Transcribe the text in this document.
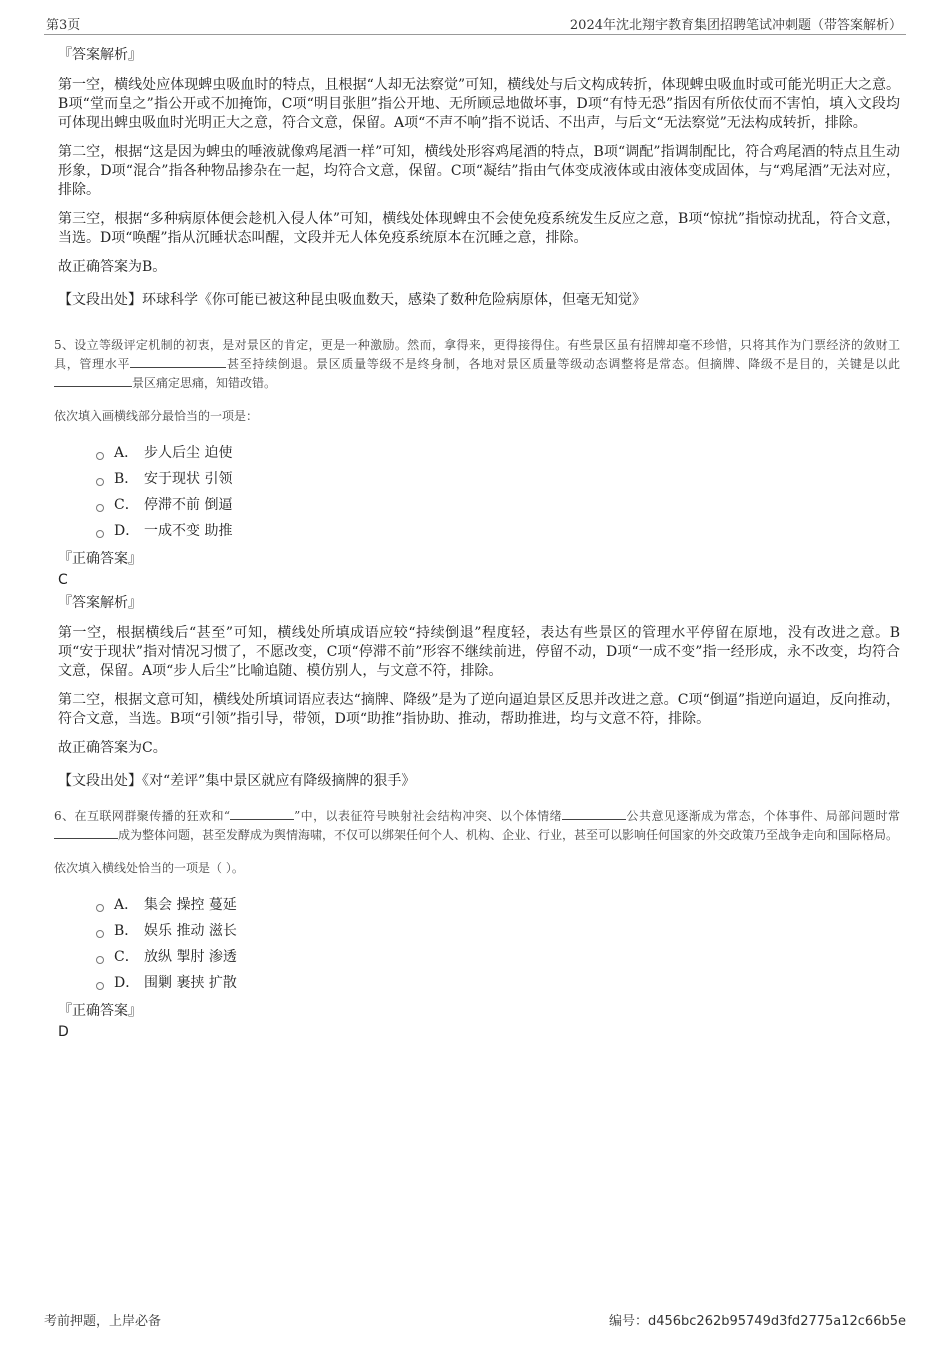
第3页	2024年沈北翔宇教育集团招聘笔试冲刺题（带答案解析）

『答案解析』

第一空，横线处应体现蜱虫吸血时的特点，且根据“人却无法察觉”可知，横线处与后文构成转折，体现蜱虫吸血时或可能光明正大之意。B项“堂而皇之”指公开或不加掩饰，C项“明目张胆”指公开地、无所顾忌地做坏事，D项“有恃无恐”指因有所依仗而不害怕，填入文段均可体现出蜱虫吸血时光明正大之意，符合文意，保留。A项“不声不响”指不说话、不出声，与后文“无法察觉”无法构成转折，排除。

第二空，根据“这是因为蜱虫的唾液就像鸡尾酒一样”可知，横线处形容鸡尾酒的特点，B项“调配”指调制配比，符合鸡尾酒的特点且生动形象，D项“混合”指各种物品掺杂在一起，均符合文意，保留。C项“凝结”指由气体变成液体或由液体变成固体，与“鸡尾酒”无法对应，排除。

第三空，根据“多种病原体便会趁机入侵人体”可知，横线处体现蜱虫不会使免疫系统发生反应之意，B项“惊扰”指惊动扰乱，符合文意，当选。D项“唤醒”指从沉睡状态叫醒，文段并无人体免疫系统原本在沉睡之意，排除。

故正确答案为B。

【文段出处】环球科学《你可能已被这种昆虫吸血数天，感染了数种危险病原体，但毫无知觉》

5、设立等级评定机制的初衷，是对景区的肯定，更是一种激励。然而，拿得来，更得接得住。有些景区虽有招牌却毫不珍惜，只将其作为门票经济的敛财工具，管理水平	甚至持续倒退。景区质量等级不是终身制，各地对景区质量等级动态调整将是常态。但摘牌、降级不是目的，关键是以此景区痛定思痛，知错改错。

依次填入画横线部分最恰当的一项是：

A． 步人后尘 迫使
B． 安于现状 引领
C． 停滞不前 倒逼
D． 一成不变 助推

『正确答案』

C

『答案解析』

第一空，根据横线后“甚至”可知，横线处所填成语应较“持续倒退”程度轻，表达有些景区的管理水平停留在原地，没有改进之意。B项“安于现状”指对情况习惯了，不愿改变，C项“停滞不前”形容不继续前进，停留不动，D项“一成不变”指一经形成，永不改变，均符合文意，保留。A项“步人后尘”比喻追随、模仿别人，与文意不符，排除。

第二空，根据文意可知，横线处所填词语应表达“摘牌、降级”是为了逆向逼迫景区反思并改进之意。C项“倒逼”指逆向逼迫，反向推动，符合文意，当选。B项“引领”指引导，带领，D项“助推”指协助、推动，帮助推进，均与文意不符，排除。

故正确答案为C。

【文段出处】《对“差评”集中景区就应有降级摘牌的狠手》

6、在互联网群聚传播的狂欢和“	”中，以表征符号映射社会结构冲突、以个体情绪	公共意见逐渐成为常态，个体事件、局部问题时常成为整体问题，甚至发酵成为舆情海啸，不仅可以绑架任何个人、机构、企业、行业，甚至可以影响任何国家的外交政策乃至战争走向和国际格局。

依次填入横线处恰当的一项是（ ）。

A． 集会 操控 蔓延
B． 娱乐 推动 滋长
C． 放纵 掣肘 渗透
D． 围剿 裹挟 扩散

『正确答案』

D

考前押题，上岸必备	编号：d456bc262b95749d3fd2775a12c66b5e
